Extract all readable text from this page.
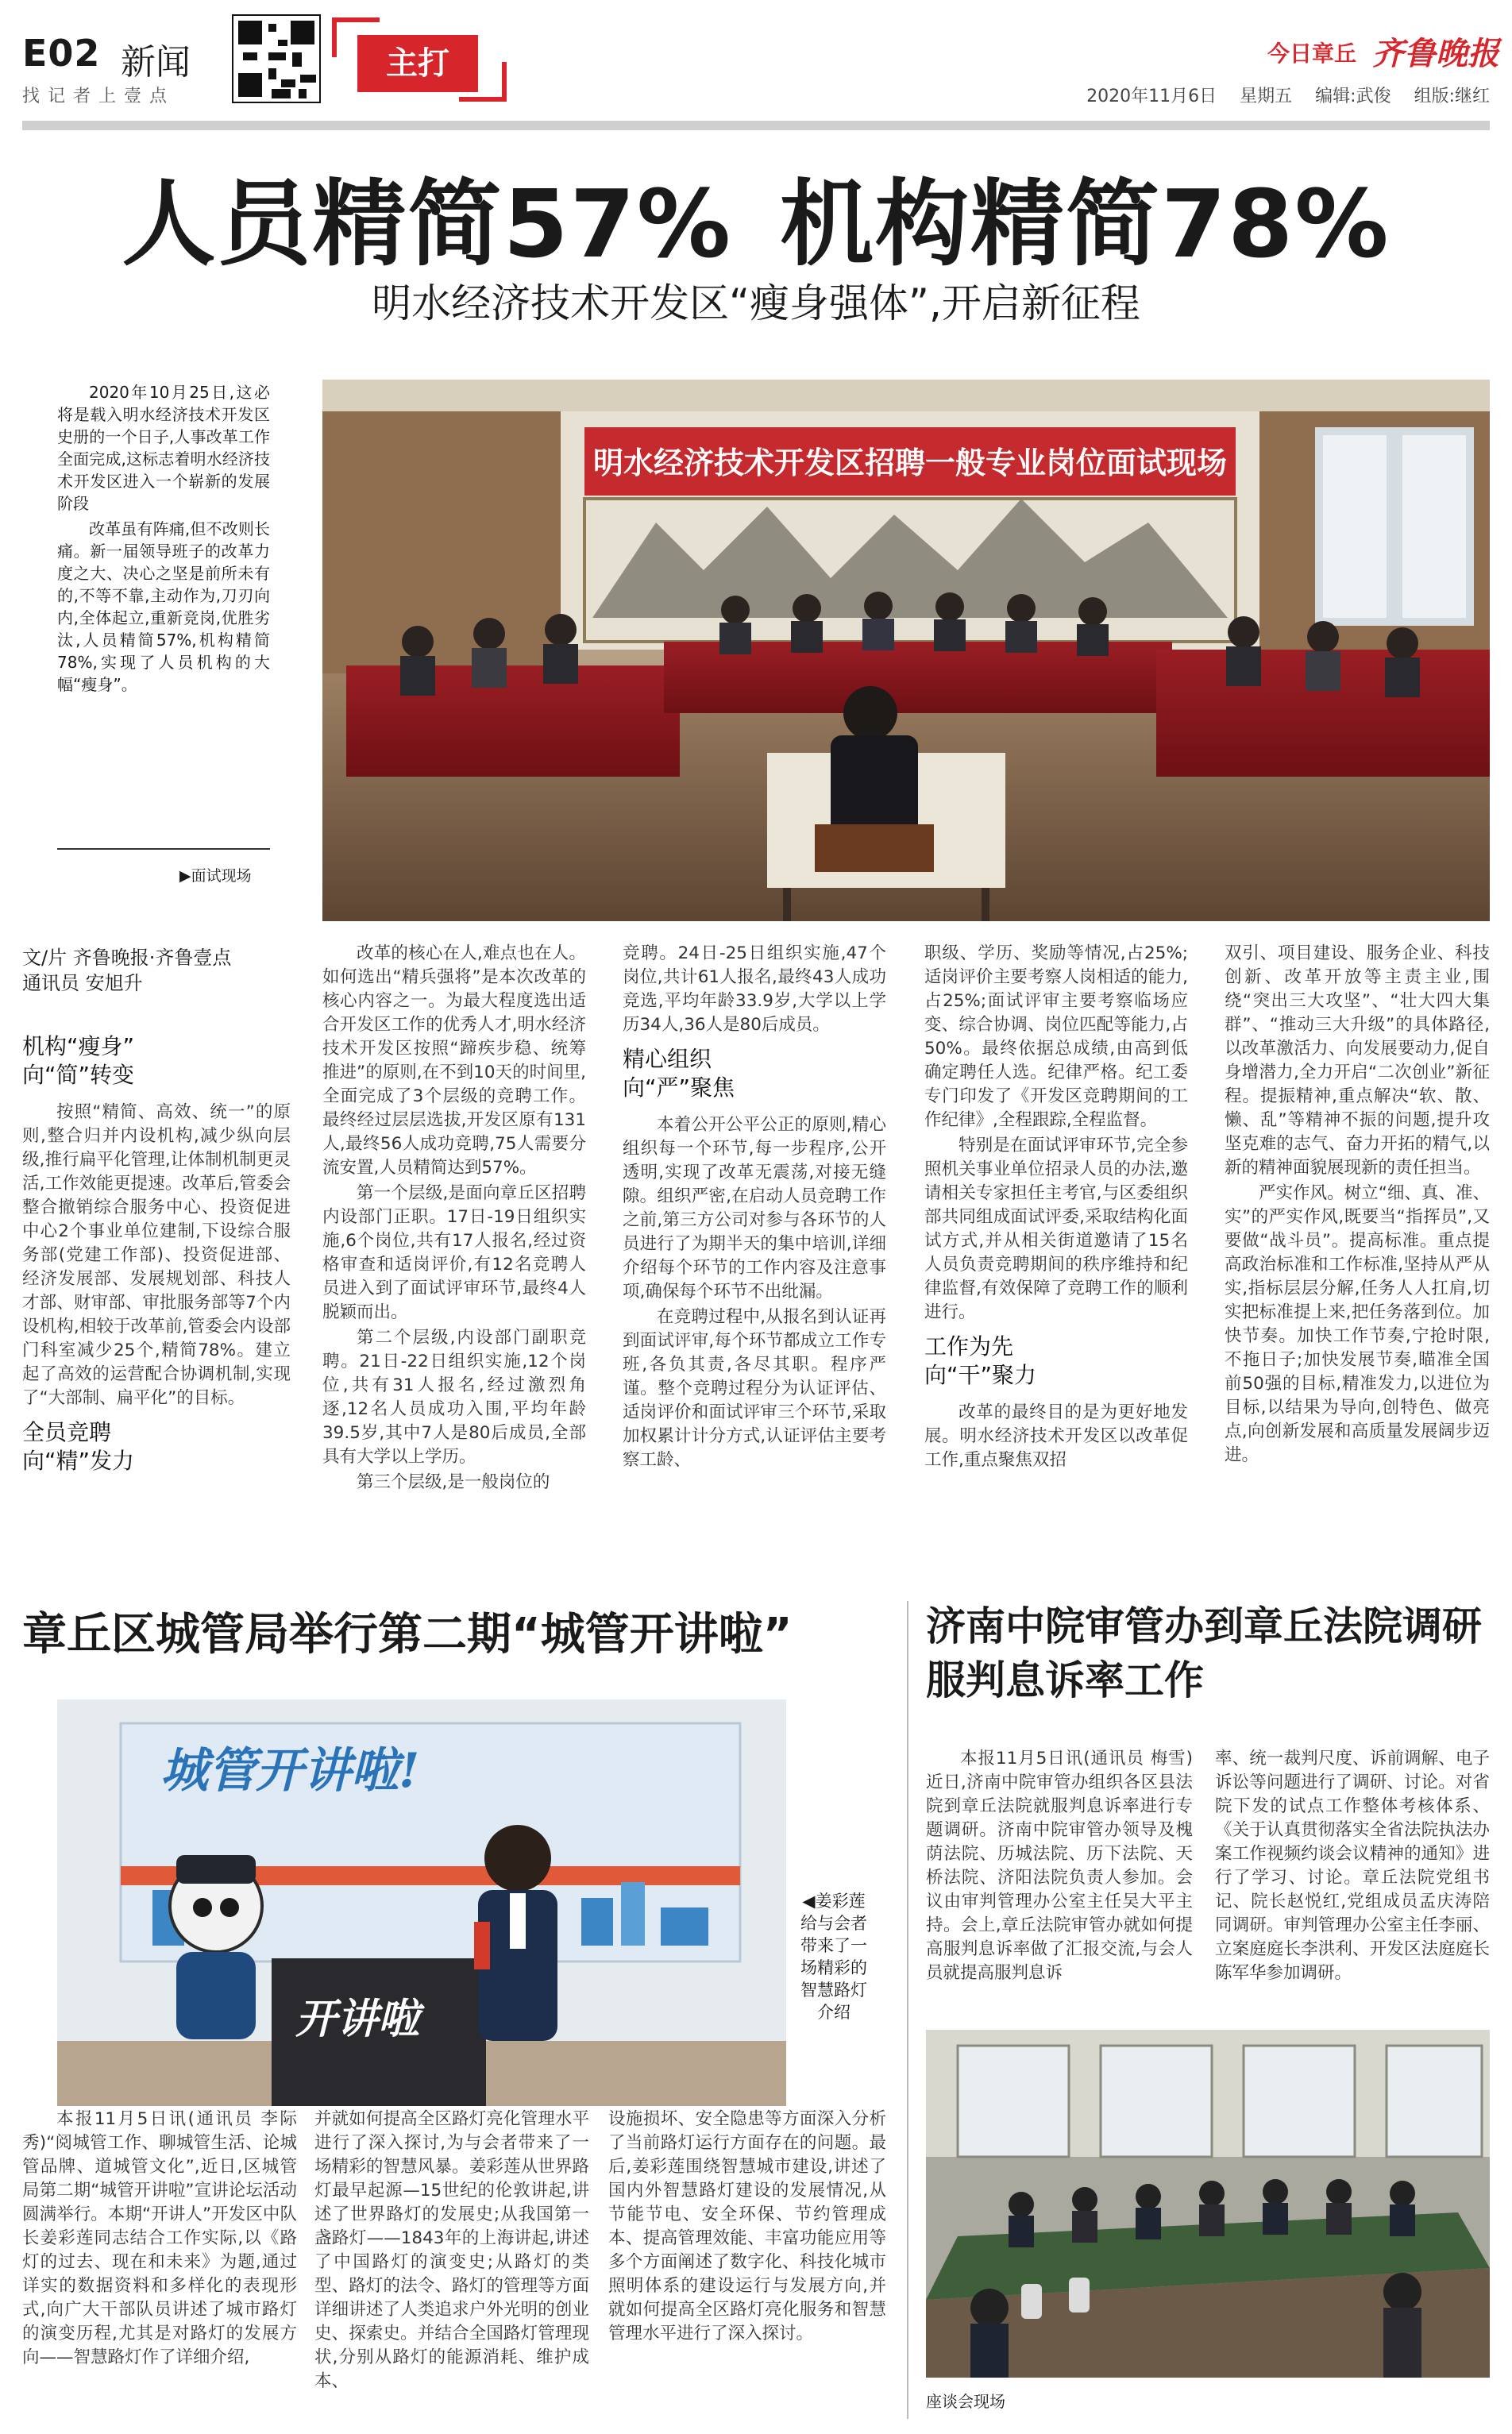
E02 新闻
找记者上壹点
主打	今日章丘 齐鲁晚报
2020年11月6日 星期五 编辑:武俊 组版:继红
人员精简57% 机构精简78%
明水经济技术开发区“瘦身强体”,开启新征程

2020年10月25日,这必将是载入明水经济技术开发区史册的一个日子,人事改革工作全面完成,这标志着明水经济技术开发区进入一个崭新的发展阶段

改革虽有阵痛,但不改则长痛。新一届领导班子的改革力度之大、决心之坚是前所未有的,不等不靠,主动作为,刀刃向内,全体起立,重新竞岗,优胜劣汰,人员精简57%,机构精简78%,实现了人员机构的大幅“瘦身”。

▶面试现场
明水经济技术开发区招聘一般专业岗位面试现场
文/片 齐鲁晚报·齐鲁壹点
通讯员 安旭升

机构“瘦身”
向“简”转变

按照“精简、高效、统一”的原则,整合归并内设机构,减少纵向层级,推行扁平化管理,让体制机制更灵活,工作效能更提速。改革后,管委会整合撤销综合服务中心、投资促进中心2个事业单位建制,下设综合服务部(党建工作部)、投资促进部、经济发展部、发展规划部、科技人才部、财审部、审批服务部等7个内设机构,相较于改革前,管委会内设部门科室减少25个,精简78%。建立起了高效的运营配合协调机制,实现了“大部制、扁平化”的目标。

全员竞聘
向“精”发力

改革的核心在人,难点也在人。如何选出“精兵强将”是本次改革的核心内容之一。为最大程度选出适合开发区工作的优秀人才,明水经济技术开发区按照“蹄疾步稳、统筹推进”的原则,在不到10天的时间里,全面完成了3个层级的竞聘工作。最终经过层层选拔,开发区原有131人,最终56人成功竞聘,75人需要分流安置,人员精简达到57%。

第一个层级,是面向章丘区招聘内设部门正职。17日-19日组织实施,6个岗位,共有17人报名,经过资格审查和适岗评价,有12名竞聘人员进入到了面试评审环节,最终4人脱颖而出。

第二个层级,内设部门副职竞聘。21日-22日组织实施,12个岗位,共有31人报名,经过激烈角逐,12名人员成功入围,平均年龄39.5岁,其中7人是80后成员,全部具有大学以上学历。

第三个层级,是一般岗位的

竞聘。24日-25日组织实施,47个岗位,共计61人报名,最终43人成功竞选,平均年龄33.9岁,大学以上学历34人,36人是80后成员。

精心组织
向“严”聚焦

本着公开公平公正的原则,精心组织每一个环节,每一步程序,公开透明,实现了改革无震荡,对接无缝隙。组织严密,在启动人员竞聘工作之前,第三方公司对参与各环节的人员进行了为期半天的集中培训,详细介绍每个环节的工作内容及注意事项,确保每个环节不出纰漏。

在竞聘过程中,从报名到认证再到面试评审,每个环节都成立工作专班,各负其责,各尽其职。程序严谨。整个竞聘过程分为认证评估、适岗评价和面试评审三个环节,采取加权累计计分方式,认证评估主要考察工龄、

职级、学历、奖励等情况,占25%;适岗评价主要考察人岗相适的能力,占25%;面试评审主要考察临场应变、综合协调、岗位匹配等能力,占50%。最终依据总成绩,由高到低确定聘任人选。纪律严格。纪工委专门印发了《开发区竞聘期间的工作纪律》,全程跟踪,全程监督。

特别是在面试评审环节,完全参照机关事业单位招录人员的办法,邀请相关专家担任主考官,与区委组织部共同组成面试评委,采取结构化面试方式,并从相关街道邀请了15名人员负责竞聘期间的秩序维持和纪律监督,有效保障了竞聘工作的顺利进行。

工作为先
向“干”聚力

改革的最终目的是为更好地发展。明水经济技术开发区以改革促工作,重点聚焦双招

双引、项目建设、服务企业、科技创新、改革开放等主责主业,围绕“突出三大攻坚”、“壮大四大集群”、“推动三大升级”的具体路径,以改革激活力、向发展要动力,促自身增潜力,全力开启“二次创业”新征程。提振精神,重点解决“软、散、懒、乱”等精神不振的问题,提升攻坚克难的志气、奋力开拓的精气,以新的精神面貌展现新的责任担当。

严实作风。树立“细、真、准、实”的严实作风,既要当“指挥员”,又要做“战斗员”。提高标准。重点提高政治标准和工作标准,坚持从严从实,指标层层分解,任务人人扛肩,切实把标准提上来,把任务落到位。加快节奏。加快工作节奏,宁抢时限,不拖日子;加快发展节奏,瞄准全国前50强的目标,精准发力,以进位为目标,以结果为导向,创特色、做亮点,向创新发展和高质量发展阔步迈进。

章丘区城管局举行第二期“城管开讲啦”
城管开讲啦!
开讲啦
◀姜彩莲给与会者带来了一场精彩的智慧路灯介绍

本报11月5日讯(通讯员 李际秀)“阅城管工作、聊城管生活、论城管品牌、道城管文化”,近日,区城管局第二期“城管开讲啦”宣讲论坛活动圆满举行。本期“开讲人”开发区中队长姜彩莲同志结合工作实际,以《路灯的过去、现在和未来》为题,通过详实的数据资料和多样化的表现形式,向广大干部队员讲述了城市路灯的演变历程,尤其是对路灯的发展方向——智慧路灯作了详细介绍,

并就如何提高全区路灯亮化管理水平进行了深入探讨,为与会者带来了一场精彩的智慧风暴。姜彩莲从世界路灯最早起源—15世纪的伦敦讲起,讲述了世界路灯的发展史;从我国第一盏路灯——1843年的上海讲起,讲述了中国路灯的演变史;从路灯的类型、路灯的法令、路灯的管理等方面详细讲述了人类追求户外光明的创业史、探索史。并结合全国路灯管理现状,分别从路灯的能源消耗、维护成本、

设施损坏、安全隐患等方面深入分析了当前路灯运行方面存在的问题。最后,姜彩莲围绕智慧城市建设,讲述了国内外智慧路灯建设的发展情况,从节能节电、安全环保、节约管理成本、提高管理效能、丰富功能应用等多个方面阐述了数字化、科技化城市照明体系的建设运行与发展方向,并就如何提高全区路灯亮化服务和智慧管理水平进行了深入探讨。

济南中院审管办到章丘法院调研服判息诉率工作

本报11月5日讯(通讯员 梅雪)近日,济南中院审管办组织各区县法院到章丘法院就服判息诉率进行专题调研。济南中院审管办领导及槐荫法院、历城法院、历下法院、天桥法院、济阳法院负责人参加。会议由审判管理办公室主任吴大平主持。会上,章丘法院审管办就如何提高服判息诉率做了汇报交流,与会人员就提高服判息诉

率、统一裁判尺度、诉前调解、电子诉讼等问题进行了调研、讨论。对省院下发的试点工作整体考核体系、《关于认真贯彻落实全省法院执法办案工作视频约谈会议精神的通知》进行了学习、讨论。章丘法院党组书记、院长赵悦红,党组成员孟庆涛陪同调研。审判管理办公室主任李丽、立案庭庭长李洪利、开发区法庭庭长陈军华参加调研。

座谈会现场
